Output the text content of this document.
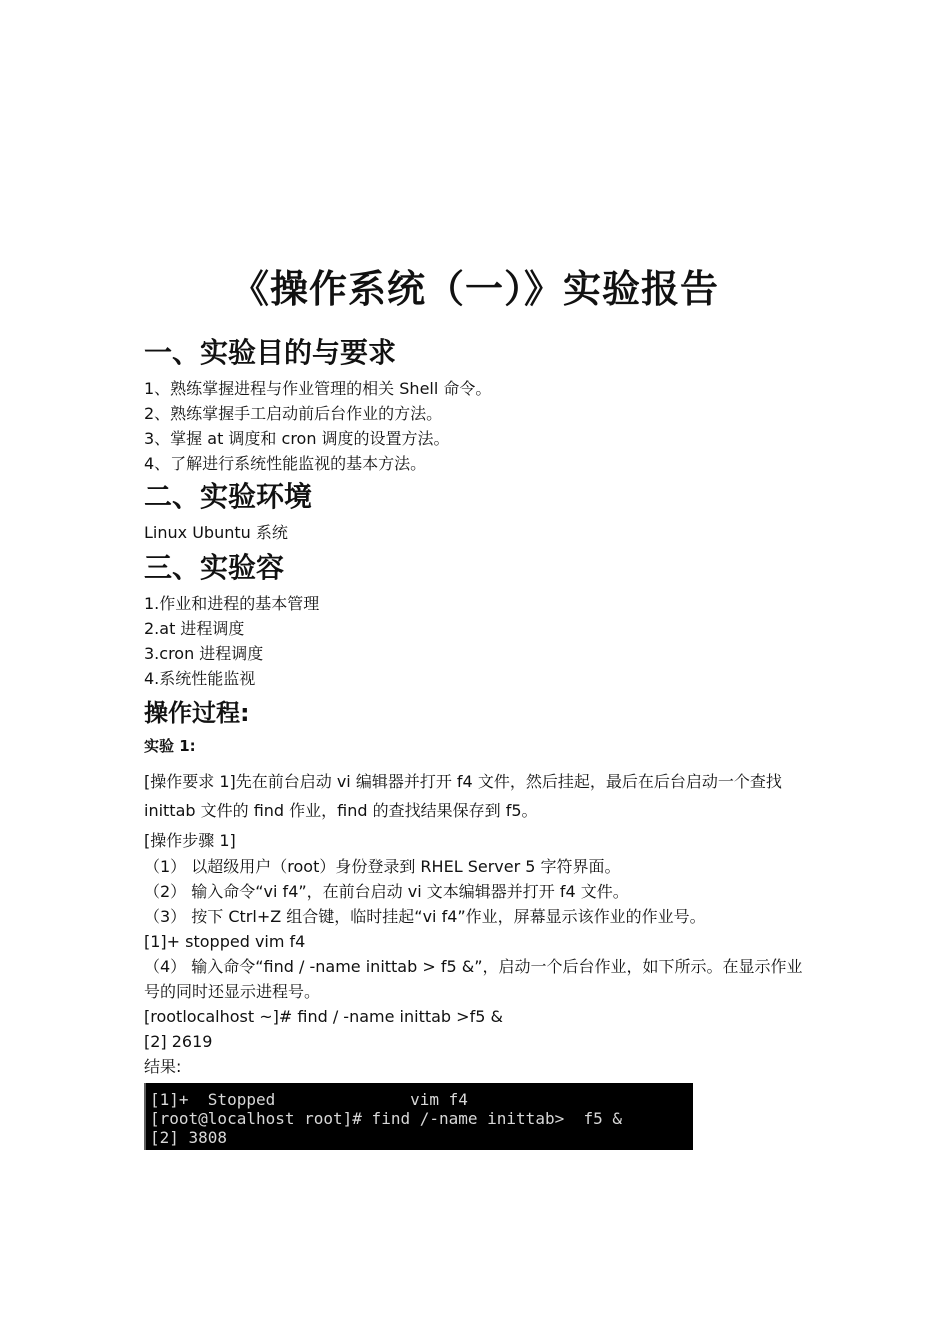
《操作系统（一）》实验报告
一、实验目的与要求

1、熟练掌握进程与作业管理的相关 Shell 命令。

2、熟练掌握手工启动前后台作业的方法。

3、掌握 at 调度和 cron 调度的设置方法。

4、了解进行系统性能监视的基本方法。

二、实验环境

Linux Ubuntu 系统

三、实验容

1.作业和进程的基本管理

2.at 进程调度

3.cron 进程调度

4.系统性能监视

操作过程:
实验 1:

[操作要求 1]先在前台启动 vi 编辑器并打开 f4 文件，然后挂起，最后在后台启动一个查找 inittab 文件的 find 作业，find 的查找结果保存到 f5。

[操作步骤 1]

（1） 以超级用户（root）身份登录到 RHEL Server 5 字符界面。

（2） 输入命令“vi f4”，在前台启动 vi 文本编辑器并打开 f4 文件。

（3） 按下 Ctrl+Z 组合键，临时挂起“vi f4”作业，屏幕显示该作业的作业号。

[1]+ stopped vim f4

（4） 输入命令“find / -name inittab > f5 &”，启动一个后台作业，如下所示。在显示作业号的同时还显示进程号。

[rootlocalhost ~]# find / -name inittab >f5 &

[2] 2619

结果:

[1]+  Stopped              vim f4

[root@localhost root]# find /-name inittab>  f5 &

[2] 3808
